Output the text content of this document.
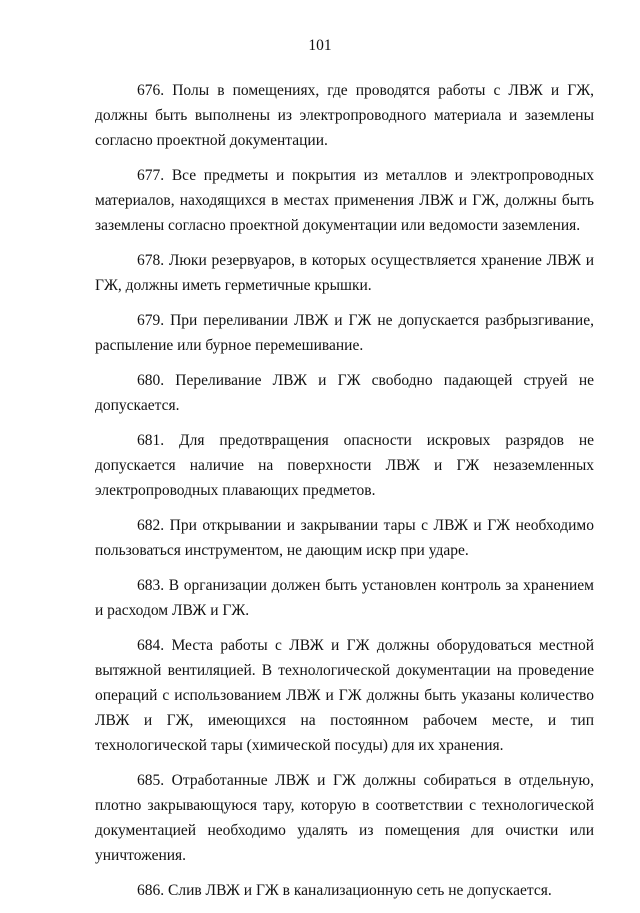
101

676. Полы в помещениях, где проводятся работы с ЛВЖ и ГЖ, должны быть выполнены из электропроводного материала и заземлены согласно проектной документации.

677. Все предметы и покрытия из металлов и электропроводных материалов, находящихся в местах применения ЛВЖ и ГЖ, должны быть заземлены согласно проектной документации или ведомости заземления.

678. Люки резервуаров, в которых осуществляется хранение ЛВЖ и ГЖ, должны иметь герметичные крышки.

679. При переливании ЛВЖ и ГЖ не допускается разбрызгивание, распыление или бурное перемешивание.

680. Переливание ЛВЖ и ГЖ свободно падающей струей не допускается.

681. Для предотвращения опасности искровых разрядов не допускается наличие на поверхности ЛВЖ и ГЖ незаземленных электропроводных плавающих предметов.

682. При открывании и закрывании тары с ЛВЖ и ГЖ необходимо пользоваться инструментом, не дающим искр при ударе.

683. В организации должен быть установлен контроль за хранением и расходом ЛВЖ и ГЖ.

684. Места работы с ЛВЖ и ГЖ должны оборудоваться местной вытяжной вентиляцией. В технологической документации на проведение операций с использованием ЛВЖ и ГЖ должны быть указаны количество ЛВЖ и ГЖ, имеющихся на постоянном рабочем месте, и тип технологической тары (химической посуды) для их хранения.

685. Отработанные ЛВЖ и ГЖ должны собираться в отдельную, плотно закрывающуюся тару, которую в соответствии с технологической документацией необходимо удалять из помещения для очистки или уничтожения.

686. Слив ЛВЖ и ГЖ в канализационную сеть не допускается.
